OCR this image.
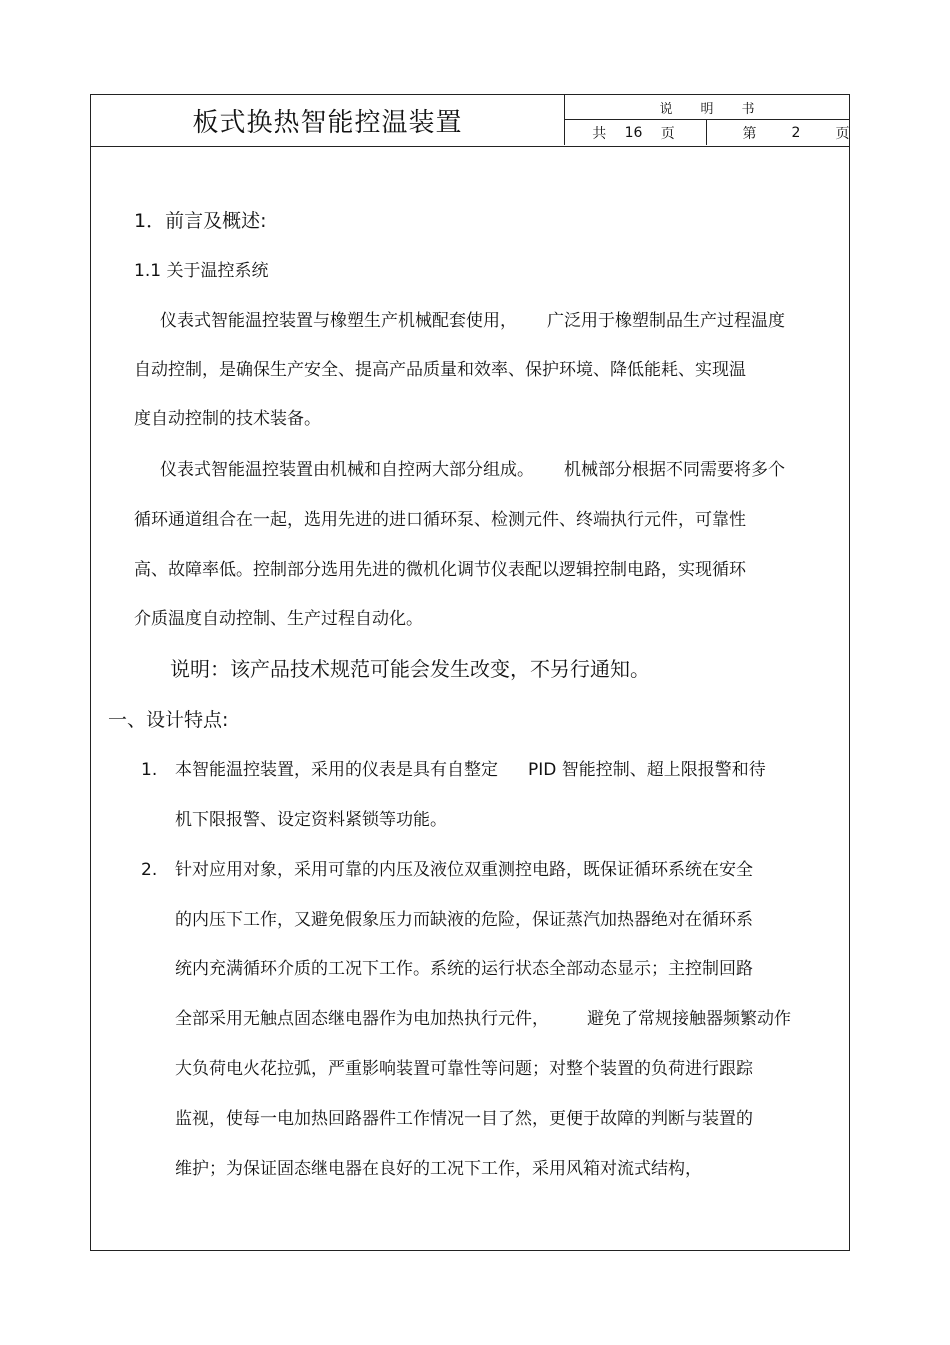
板式换热智能控温装置	说明书
共 16 页	第	2	页
1．前言及概述:
1.1 关于温控系统
仪表式智能温控装置与橡塑生产机械配套使用， 广泛用于橡塑制品生产过程温度
自动控制，是确保生产安全、提高产品质量和效率、保护环境、降低能耗、实现温
度自动控制的技术装备。
仪表式智能温控装置由机械和自控两大部分组成。 机械部分根据不同需要将多个
循环通道组合在一起，选用先进的进口循环泵、检测元件、终端执行元件，可靠性
高、故障率低。控制部分选用先进的微机化调节仪表配以逻辑控制电路，实现循环
介质温度自动控制、生产过程自动化。
说明：该产品技术规范可能会发生改变，不另行通知。
一、设计特点:
1. 本智能温控装置，采用的仪表是具有自整定 PID 智能控制、超上限报警和待
机下限报警、设定资料紧锁等功能。
2. 针对应用对象，采用可靠的内压及液位双重测控电路，既保证循环系统在安全
的内压下工作，又避免假象压力而缺液的危险，保证蒸汽加热器绝对在循环系
统内充满循环介质的工况下工作。系统的运行状态全部动态显示；主控制回路
全部采用无触点固态继电器作为电加热执行元件， 避免了常规接触器频繁动作
大负荷电火花拉弧，严重影响装置可靠性等问题；对整个装置的负荷进行跟踪
监视，使每一电加热回路器件工作情况一目了然，更便于故障的判断与装置的
维护；为保证固态继电器在良好的工况下工作，采用风箱对流式结构，
